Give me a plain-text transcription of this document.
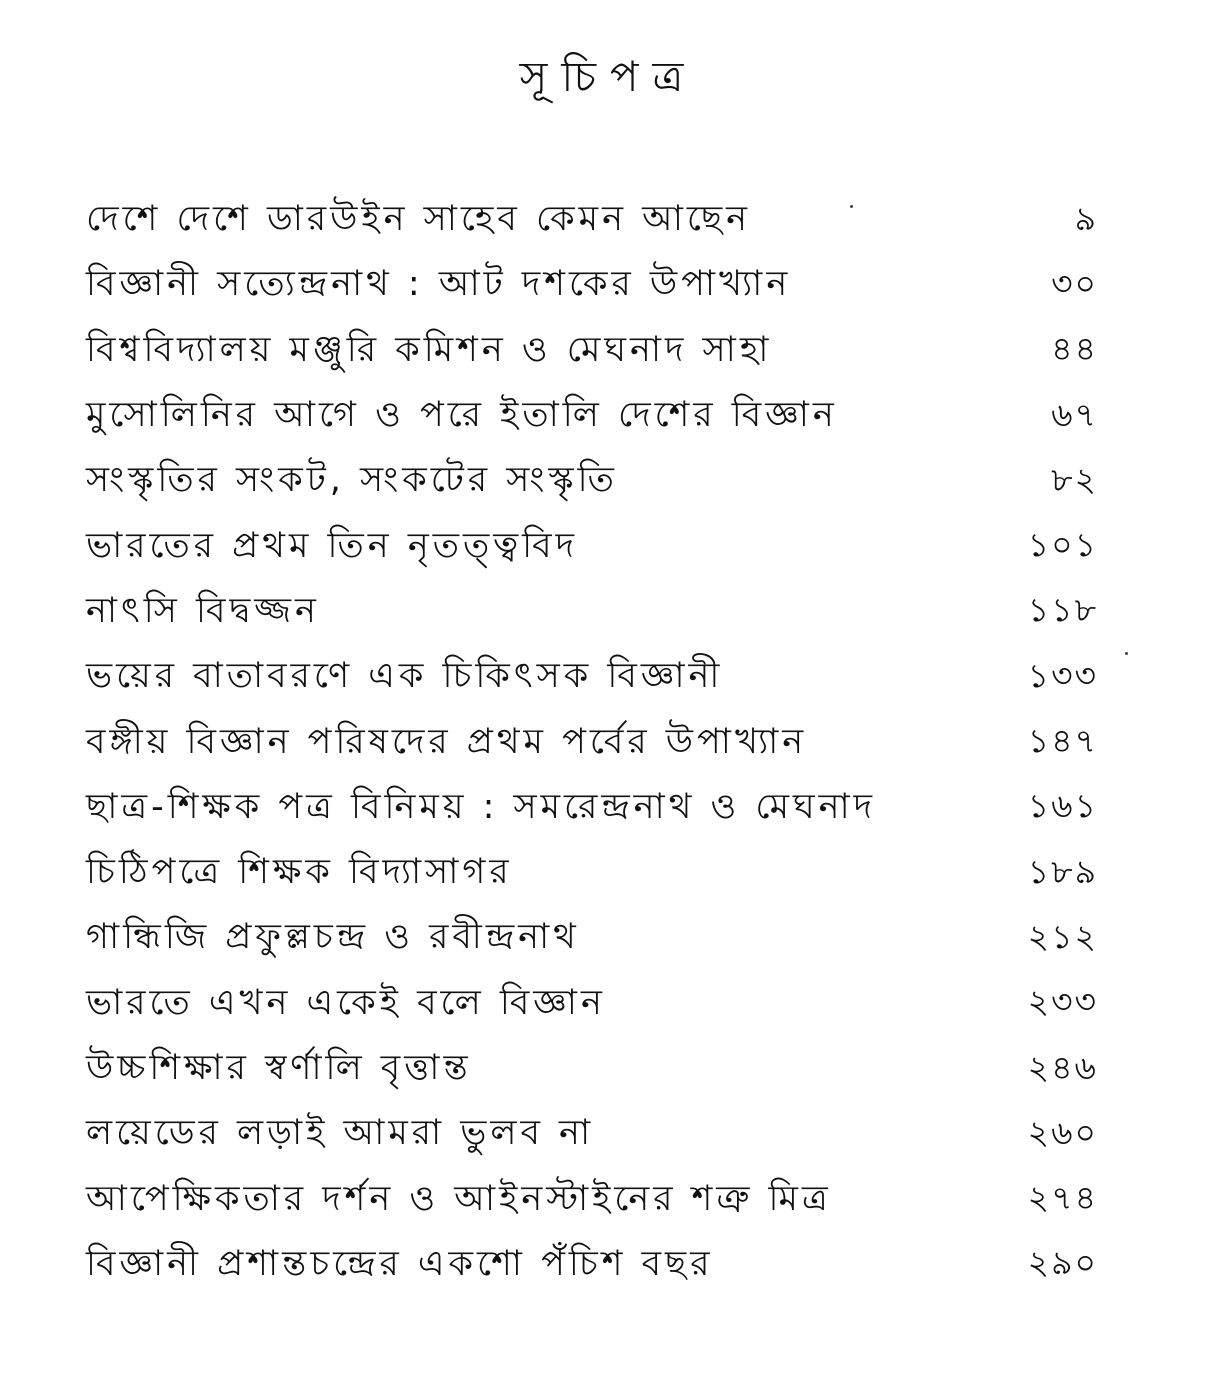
সূচিপত্র
দেশে দেশে ডারউইন সাহেব কেমন আছেন	৯
বিজ্ঞানী সত্যেন্দ্রনাথ : আট দশকের উপাখ্যান	৩০
বিশ্ববিদ্যালয় মঞ্জুরি কমিশন ও মেঘনাদ সাহা	৪৪
মুসোলিনির আগে ও পরে ইতালি দেশের বিজ্ঞান	৬৭
সংস্কৃতির সংকট, সংকটের সংস্কৃতি	৮২
ভারতের প্রথম তিন নৃতত্ত্ববিদ	১০১
নাৎসি বিদ্বজ্জন	১১৮
ভয়ের বাতাবরণে এক চিকিৎসক বিজ্ঞানী	১৩৩
বঙ্গীয় বিজ্ঞান পরিষদের প্রথম পর্বের উপাখ্যান	১৪৭
ছাত্র-শিক্ষক পত্র বিনিময় : সমরেন্দ্রনাথ ও মেঘনাদ	১৬১
চিঠিপত্রে শিক্ষক বিদ্যাসাগর	১৮৯
গান্ধিজি প্রফুল্লচন্দ্র ও রবীন্দ্রনাথ	২১২
ভারতে এখন একেই বলে বিজ্ঞান	২৩৩
উচ্চশিক্ষার স্বর্ণালি বৃত্তান্ত	২৪৬
লয়েডের লড়াই আমরা ভুলব না	২৬০
আপেক্ষিকতার দর্শন ও আইনস্টাইনের শত্রু মিত্র	২৭৪
বিজ্ঞানী প্রশান্তচন্দ্রের একশো পঁচিশ বছর	২৯০
